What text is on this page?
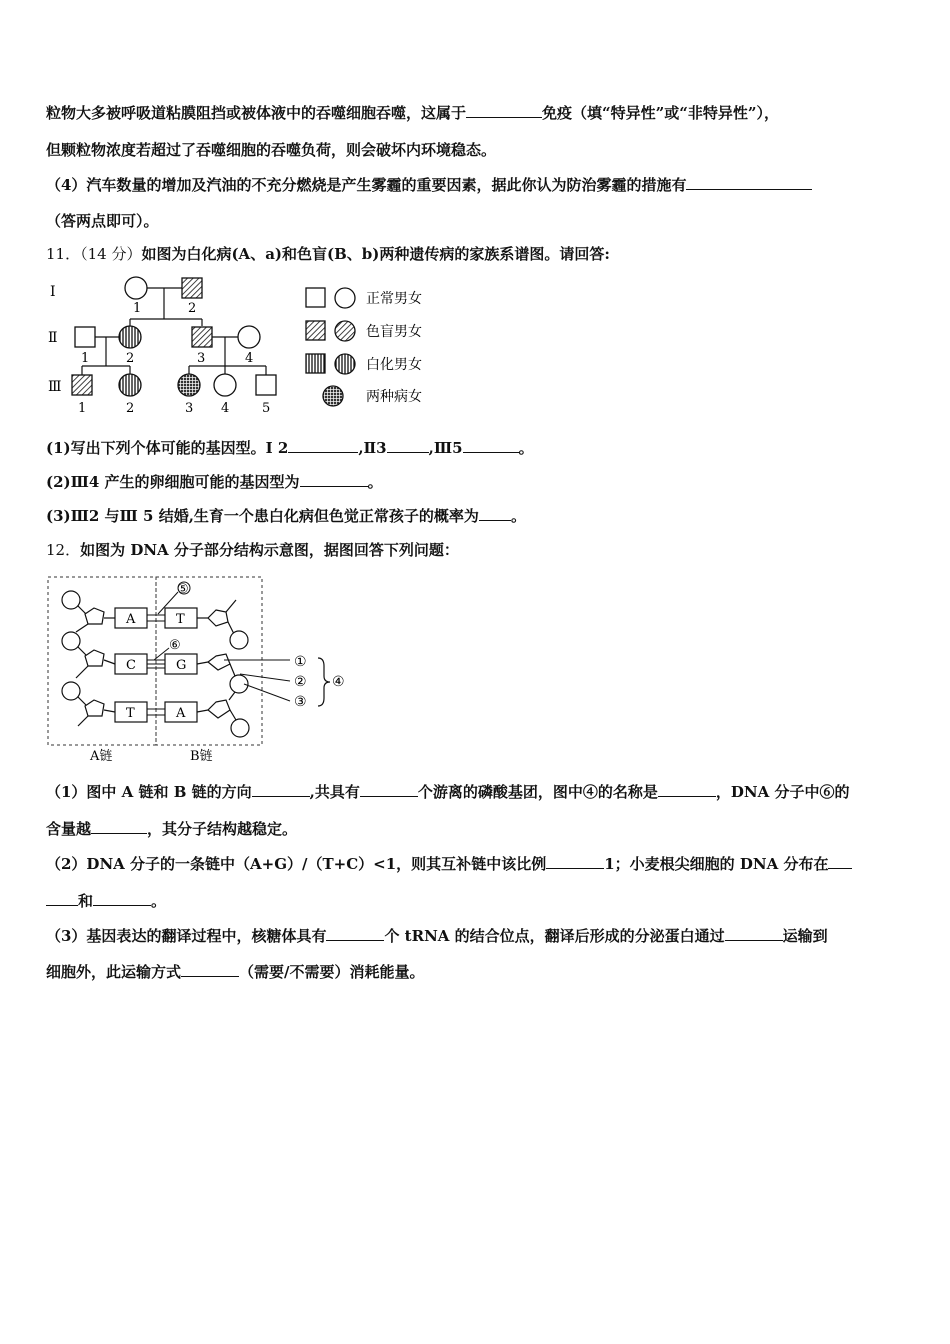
粒物大多被呼吸道粘膜阻挡或被体液中的吞噬细胞吞噬，这属于	免疫（填“特异性”或“非特异性”），
但颗粒物浓度若超过了吞噬细胞的吞噬负荷，则会破坏内环境稳态。
（4）汽车数量的增加及汽油的不充分燃烧是产生雾霾的重要因素，据此你认为防治雾霾的措施有
（答两点即可）。
11．（14 分）如图为白化病(A、a)和色盲(B、b)两种遗传病的家族系谱图。请回答:
Ⅰ
Ⅱ
Ⅲ
1	2
1	2	3	4
1	2	3 4	5
正常男女
色盲男女
白化男女
两种病女
(1)写出下列个体可能的基因型。Ⅰ 2	,Ⅱ3	,Ⅲ5	。
(2)Ⅲ4 产生的卵细胞可能的基因型为	。
(3)Ⅲ2 与Ⅲ 5 结婚,生育一个患白化病但色觉正常孩子的概率为 。
12．如图为 DNA 分子部分结构示意图，据图回答下列问题：
A
C
T
T
G
A
⑤
⑥
①
②
③
④
A链	B链
（1）图中 A 链和 B 链的方向	,共具有	个游离的磷酸基团，图中④的名称是	，DNA 分子中⑥的
含量越	，其分子结构越稳定。
（2）DNA 分子的一条链中（A+G）/（T+C）<1，则其互补链中该比例	1；小麦根尖细胞的 DNA 分布在
和	。
（3）基因表达的翻译过程中，核糖体具有	个 tRNA 的结合位点，翻译后形成的分泌蛋白通过	运输到
细胞外，此运输方式	（需要/不需要）消耗能量。
